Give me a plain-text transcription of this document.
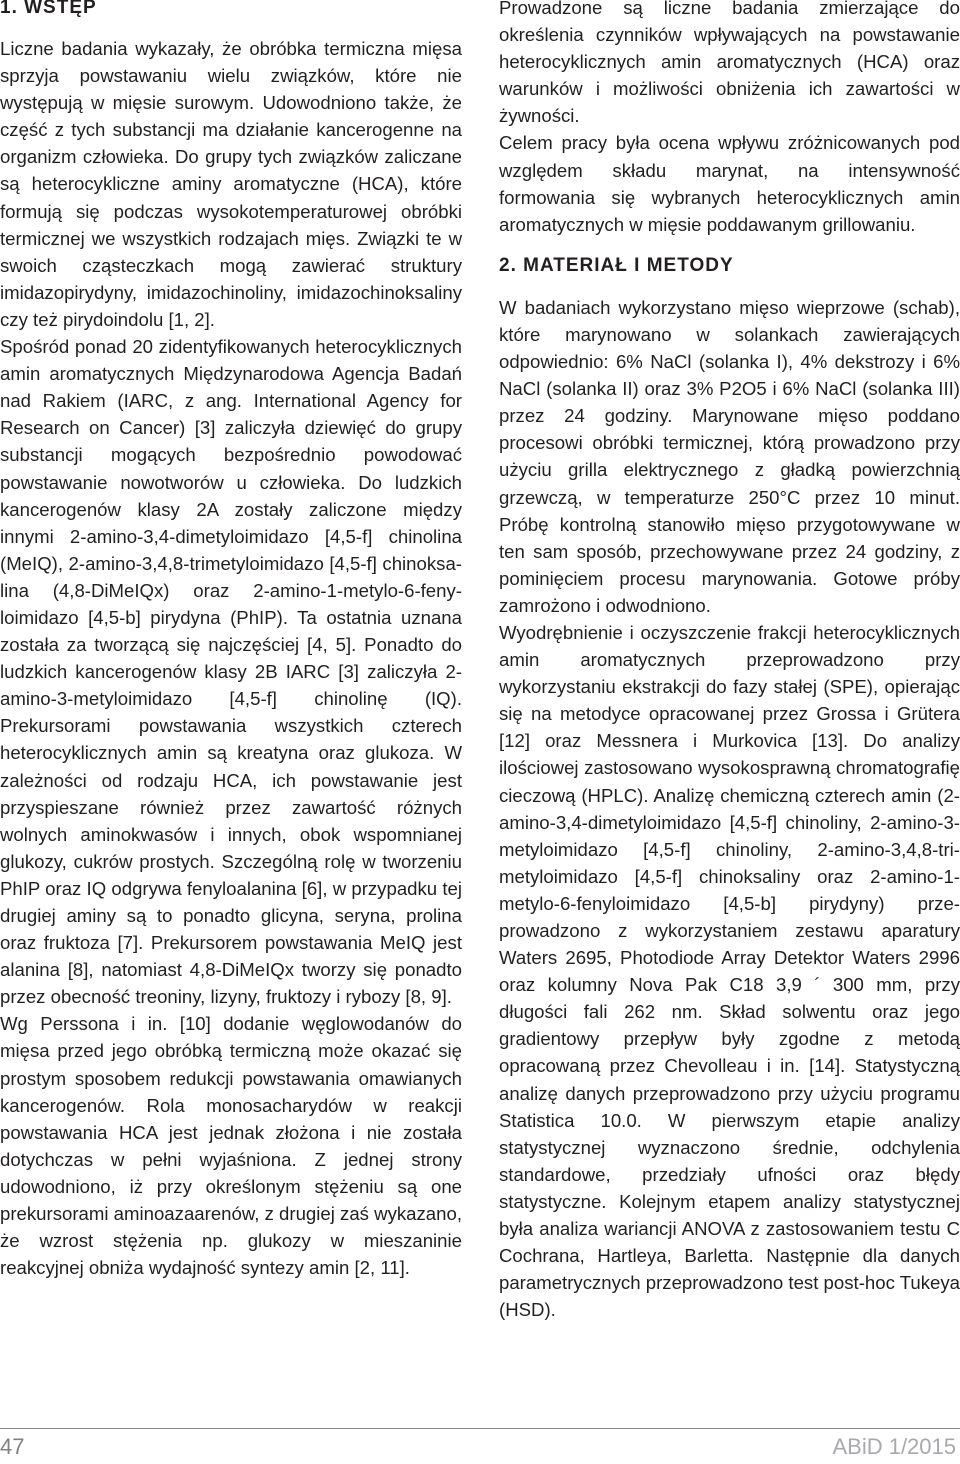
1. WSTĘP

Liczne badania wykazały, że obróbka termiczna mięsa sprzyja powstawaniu wielu związków, które nie występują w mięsie surowym. Udowodniono także, że część z tych substancji ma działanie kancerogenne na organizm człowieka. Do grupy tych związków zaliczane są heterocykliczne aminy aromatyczne (HCA), które formują się podczas wysokotemperaturowej obróbki termicznej we wszystkich rodzajach mięs. Związki te w swoich cząsteczkach mogą zawierać struktury imidazopirydyny, imidazochinoliny, imidazochinoksaliny czy też pirydoindolu [1, 2].

Spośród ponad 20 zidentyfikowanych heterocyklicznych amin aromatycznych Międzynarodowa Agencja Badań nad Rakiem (IARC, z ang. International Agency for Research on Cancer) [3] zaliczyła dziewięć do grupy substancji mogących bezpośrednio powodować powstawanie nowotworów u człowieka. Do ludzkich kancerogenów klasy 2A zostały zaliczone między innymi 2-amino-3,4-dimetyloimidazo [4,5-f] chinolina (MeIQ), 2-amino-3,4,8-trimetyloimidazo [4,5-f] chinoksalina (4,8-DiMeIQx) oraz 2-amino-1-metylo-6-fenyloimidazo [4,5-b] pirydyna (PhIP). Ta ostatnia uznana została za tworzącą się najczęściej [4, 5]. Ponadto do ludzkich kancerogenów klasy 2B IARC [3] zaliczyła 2-amino-3-metyloimidazo [4,5-f] chinolinę (IQ). Prekursorami powstawania wszystkich czterech heterocyklicznych amin są kreatyna oraz glukoza. W zależności od rodzaju HCA, ich powstawanie jest przyspieszane również przez zawartość różnych wolnych aminokwasów i innych, obok wspomnianej glukozy, cukrów prostych. Szczególną rolę w tworzeniu PhIP oraz IQ odgrywa fenyloalanina [6], w przypadku tej drugiej aminy są to ponadto glicyna, seryna, prolina oraz fruktoza [7]. Prekursorem powstawania MeIQ jest alanina [8], natomiast 4,8-DiMeIQx tworzy się ponadto przez obecność treoniny, lizyny, fruktozy i rybozy [8, 9].

Wg Perssona i in. [10] dodanie węglowodanów do mięsa przed jego obróbką termiczną może okazać się prostym sposobem redukcji powstawania omawianych kancerogenów. Rola monosacharydów w reakcji powstawania HCA jest jednak złożona i nie została dotychczas w pełni wyjaśniona. Z jednej strony udowodniono, iż przy określonym stężeniu są one prekursorami aminoazaarenów, z drugiej zaś wykazano, że wzrost stężenia np. glukozy w mieszaninie reakcyjnej obniża wydajność syntezy amin [2, 11].

Prowadzone są liczne badania zmierzające do określenia czynników wpływających na powstawanie heterocyklicznych amin aromatycznych (HCA) oraz warunków i możliwości obniżenia ich zawartości w żywności.

Celem pracy była ocena wpływu zróżnicowanych pod względem składu marynat, na intensywność formowania się wybranych heterocyklicznych amin aromatycznych w mięsie poddawanym grillowaniu.

2. MATERIAŁ I METODY

W badaniach wykorzystano mięso wieprzowe (schab), które marynowano w solankach zawierających odpowiednio: 6% NaCl (solanka I), 4% dekstrozy i 6% NaCl (solanka II) oraz 3% P2O5 i 6% NaCl (solanka III) przez 24 godziny. Marynowane mięso poddano procesowi obróbki termicznej, którą prowadzono przy użyciu grilla elektrycznego z gładką powierzchnią grzewczą, w temperaturze 250°C przez 10 minut. Próbę kontrolną stanowiło mięso przygotowywane w ten sam sposób, przechowywane przez 24 godziny, z pominięciem procesu marynowania. Gotowe próby zamrożono i odwodniono.

Wyodrębnienie i oczyszczenie frakcji heterocyklicznych amin aromatycznych przeprowadzono przy wykorzystaniu ekstrakcji do fazy stałej (SPE), opierając się na metodyce opracowanej przez Grossa i Grütera [12] oraz Messnera i Murkovica [13]. Do analizy ilościowej zastosowano wysokosprawną chromatografię cieczową (HPLC). Analizę chemiczną czterech amin (2-amino-3,4-dimetyloimidazo [4,5-f] chinoliny, 2-amino-3-metyloimidazo [4,5-f] chinoliny, 2-amino-3,4,8-trimetyloimidazo [4,5-f] chinoksaliny oraz 2-amino-1-metylo-6-fenyloimidazo [4,5-b] pirydyny) przeprowadzono z wykorzystaniem zestawu aparatury Waters 2695, Photodiode Array Detektor Waters 2996 oraz kolumny Nova Pak C18 3,9 ´ 300 mm, przy długości fali 262 nm. Skład solwentu oraz jego gradientowy przepływ były zgodne z metodą opracowaną przez Chevolleau i in. [14]. Statystyczną analizę danych przeprowadzono przy użyciu programu Statistica 10.0. W pierwszym etapie analizy statystycznej wyznaczono średnie, odchylenia standardowe, przedziały ufności oraz błędy statystyczne. Kolejnym etapem analizy statystycznej była analiza wariancji ANOVA z zastosowaniem testu C Cochrana, Hartleya, Barletta. Następnie dla danych parametrycznych przeprowadzono test post-hoc Tukeya (HSD).

47	ABiD 1/2015
